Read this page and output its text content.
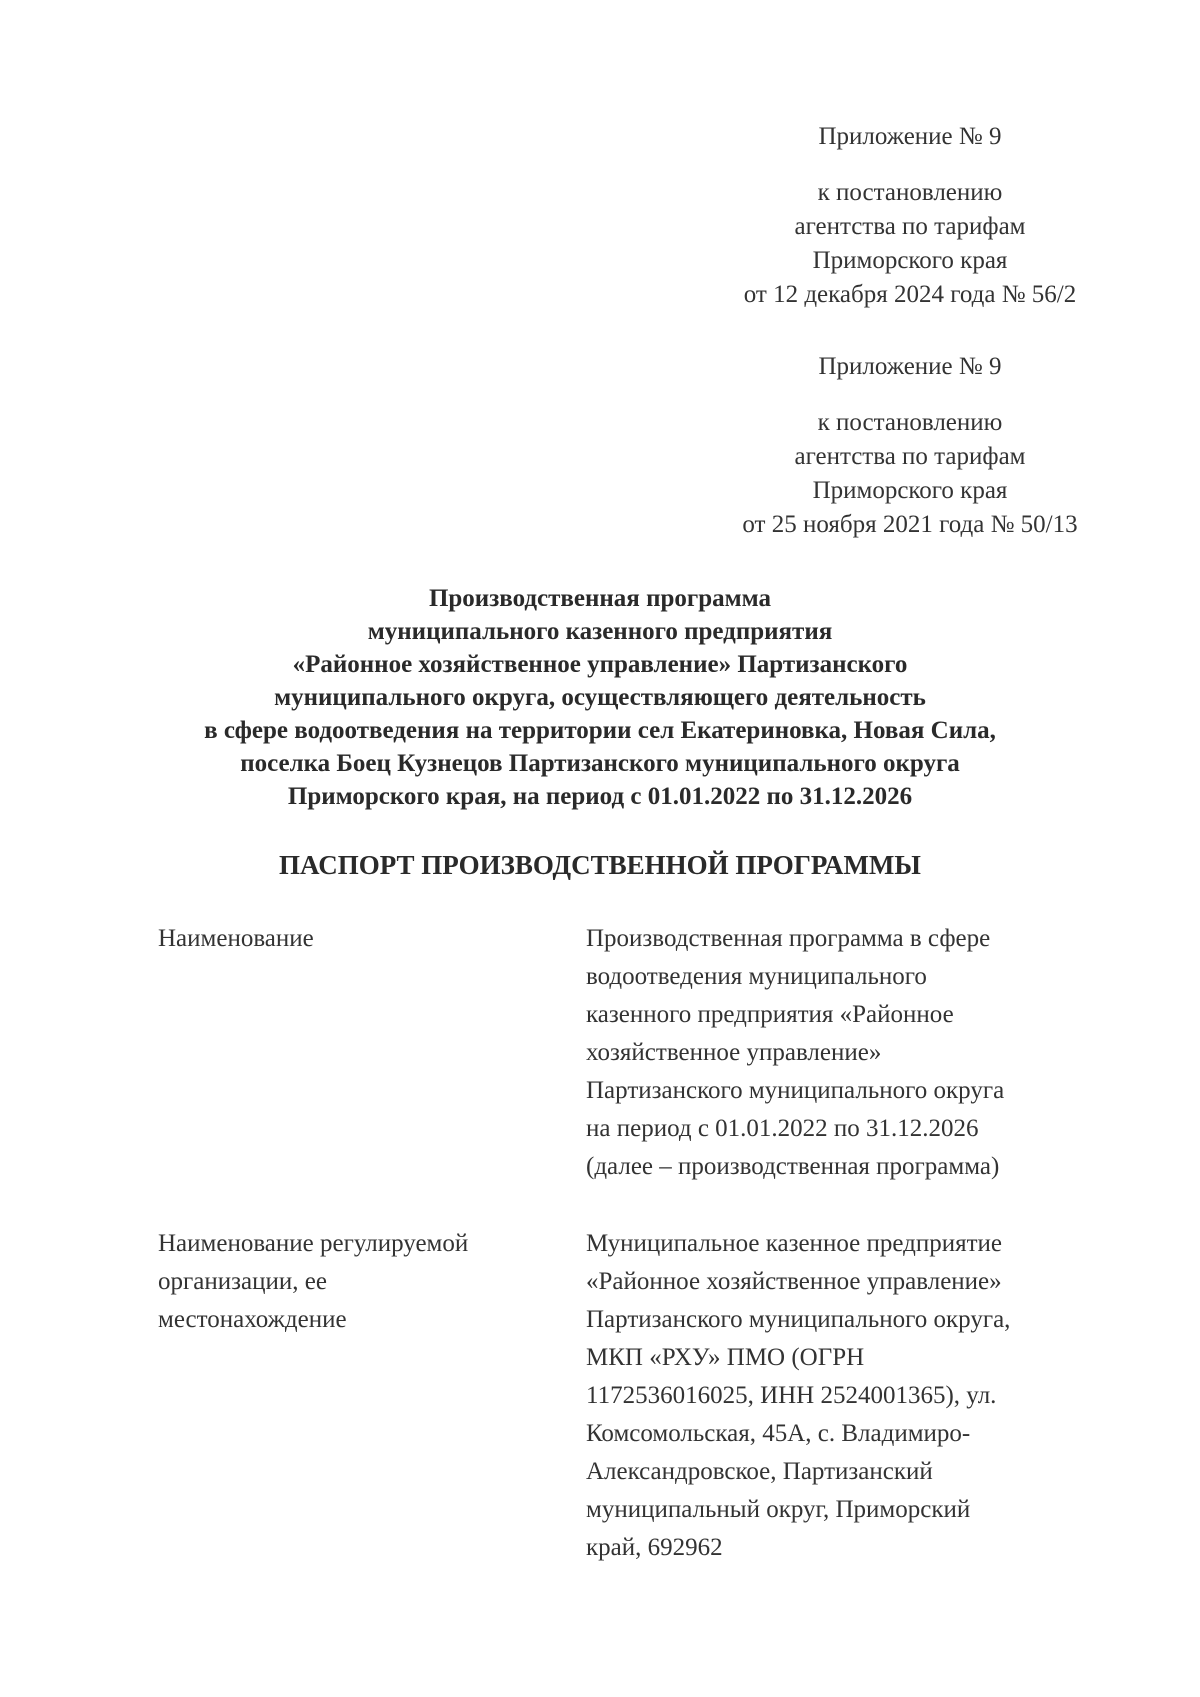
Приложение № 9
к постановлению
агентства по тарифам
Приморского края
от 12 декабря 2024 года № 56/2
Приложение № 9
к постановлению
агентства по тарифам
Приморского края
от 25 ноября 2021 года № 50/13
Производственная программа
муниципального казенного предприятия
«Районное хозяйственное управление» Партизанского
муниципального округа, осуществляющего деятельность
в сфере водоотведения на территории сел Екатериновка, Новая Сила,
поселка Боец Кузнецов Партизанского муниципального округа
Приморского края, на период с 01.01.2022 по 31.12.2026
ПАСПОРТ ПРОИЗВОДСТВЕННОЙ ПРОГРАММЫ
Наименование	Производственная программа в сфере
водоотведения муниципального
казенного предприятия «Районное
хозяйственное управление»
Партизанского муниципального округа
на период с 01.01.2022 по 31.12.2026
(далее – производственная программа)
Наименование регулируемой
организации, ее
местонахождение
Муниципальное казенное предприятие
«Районное хозяйственное управление»
Партизанского муниципального округа,
МКП «РХУ» ПМО (ОГРН
1172536016025, ИНН 2524001365), ул.
Комсомольская, 45А, с. Владимиро-
Александровское, Партизанский
муниципальный округ, Приморский
край, 692962
